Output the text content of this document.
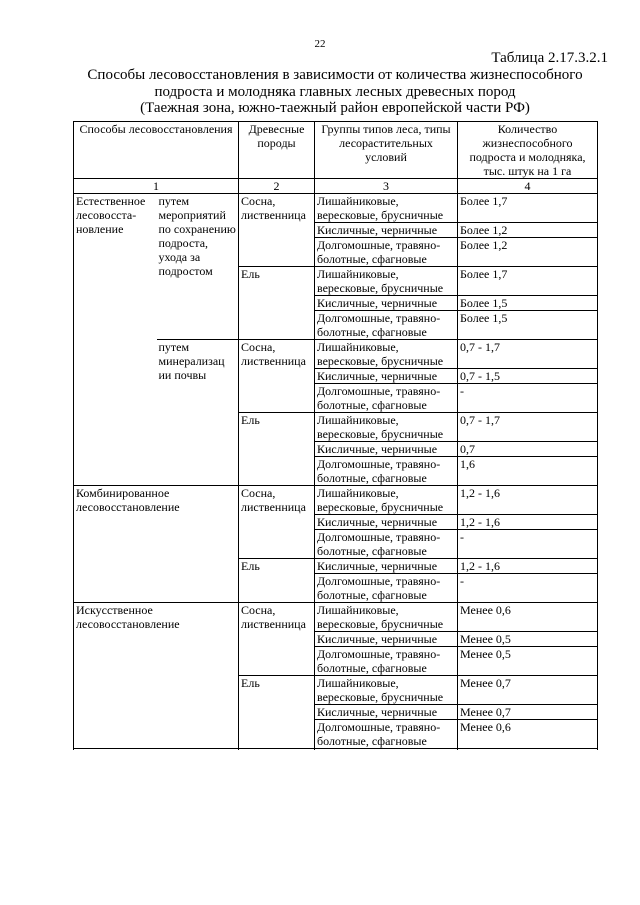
22
Таблица 2.17.3.2.1
Способы лесовосстановления в зависимости от количества жизнеспособного
подроста и молодняка главных лесных древесных пород
(Таежная зона, южно-таежный район европейской части РФ)
Способы лесовосстановления		Древесные породы	Группы типов леса, типы лесорастительных условий	Количество жизнеспособного подроста и молодняка, тыс. штук на 1 га
1		2	3	4
Естественное лесовосста-новление	путем мероприятий по сохранению подроста, ухода за подростом	Сосна, лиственница	Лишайниковые, вересковые, брусничные	Более 1,7
			Кисличные, черничные	Более 1,2
			Долгомошные, травяно-болотные, сфагновые	Более 1,2

		Ель	Лишайниковые, вересковые, брусничные	Более 1,7
			Кисличные, черничные	Более 1,5
			Долгомошные, травяно-болотные, сфагновые	Более 1,5

	путем минерализац ии почвы	Сосна, лиственница	Лишайниковые, вересковые, брусничные	0,7 - 1,7
			Кисличные, черничные	0,7 - 1,5
			Долгомошные, травяно-болотные, сфагновые	-

		Ель	Лишайниковые, вересковые, брусничные	0,7 - 1,7
			Кисличные, черничные	0,7
			Долгомошные, травяно-болотные, сфагновые	1,6

Комбинированное лесовосстановление		Сосна, лиственница	Лишайниковые, вересковые, брусничные	1,2 - 1,6
			Кисличные, черничные	1,2 - 1,6
			Долгомошные, травяно-болотные, сфагновые	-

		Ель	Кисличные, черничные	1,2 - 1,6
			Долгомошные, травяно-болотные, сфагновые	-
Искусственное лесовосстановление		Сосна, лиственница	Лишайниковые, вересковые, брусничные	Менее 0,6
			Кисличные, черничные	Менее 0,5
			Долгомошные, травяно-болотные, сфагновые	Менее 0,5

		Ель	Лишайниковые, вересковые, брусничные	Менее 0,7
			Кисличные, черничные	Менее 0,7
			Долгомошные, травяно-болотные, сфагновые	Менее 0,6
